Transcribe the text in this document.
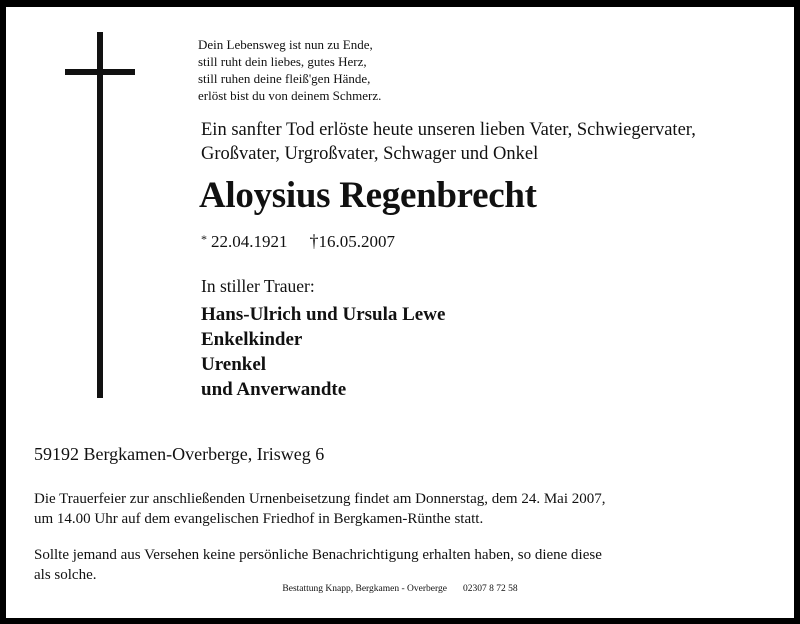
Dein Lebensweg ist nun zu Ende,
still ruht dein liebes, gutes Herz,
still ruhen deine fleiß'gen Hände,
erlöst bist du von deinem Schmerz.
Ein sanfter Tod erlöste heute unseren lieben Vater, Schwiegervater,
Großvater, Urgroßvater, Schwager und Onkel
Aloysius Regenbrecht
* 22.04.1921 †16.05.2007
In stiller Trauer:
Hans-Ulrich und Ursula Lewe
Enkelkinder
Urenkel
und Anverwandte
59192 Bergkamen-Overberge, Irisweg 6
Die Trauerfeier zur anschließenden Urnenbeisetzung findet am Donnerstag, dem 24. Mai 2007,
um 14.00 Uhr auf dem evangelischen Friedhof in Bergkamen-Rünthe statt.
Sollte jemand aus Versehen keine persönliche Benachrichtigung erhalten haben, so diene diese
als solche.
Bestattung Knapp, Bergkamen - Overberge 02307 8 72 58
